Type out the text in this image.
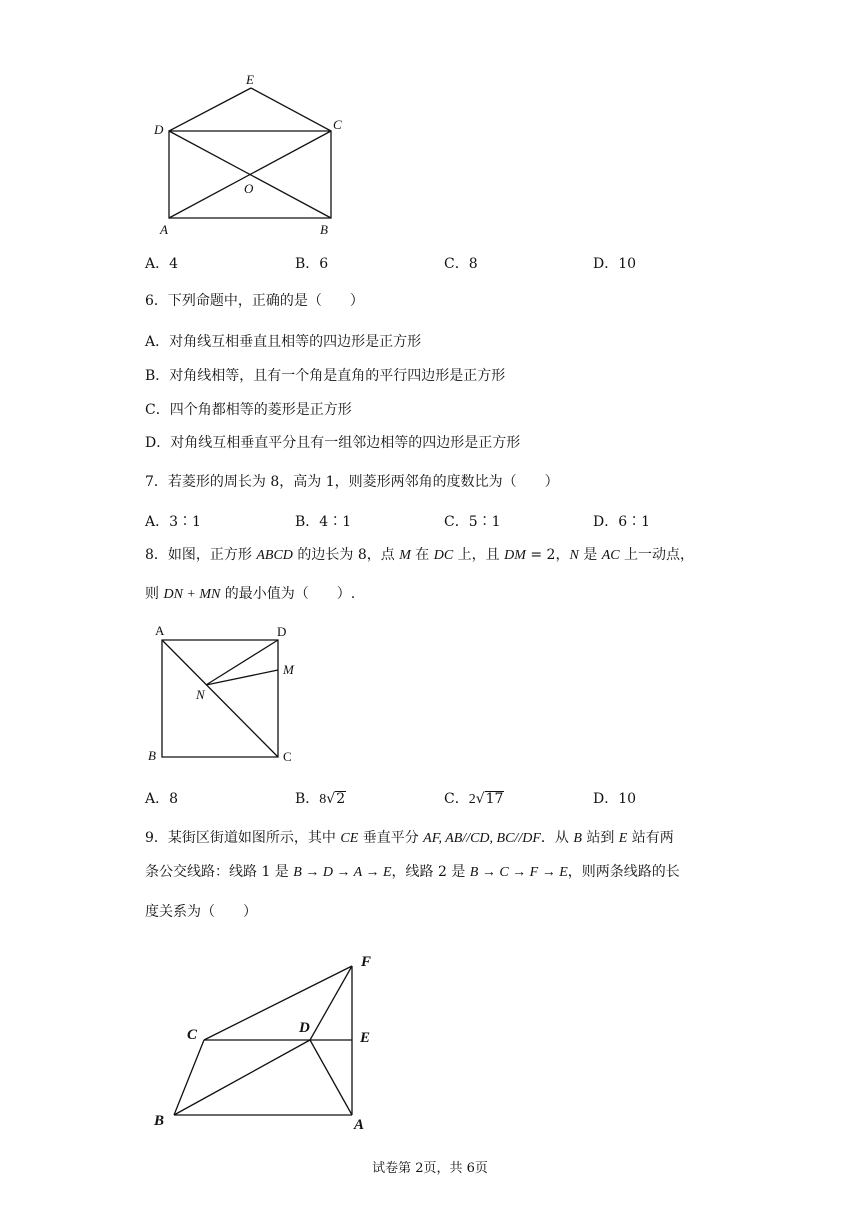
E
D	C
O
A	B
A．4	B．6	C．8	D．10
6．下列命题中，正确的是（　　）
A．对角线互相垂直且相等的四边形是正方形
B．对角线相等，且有一个角是直角的平行四边形是正方形
C．四个角都相等的菱形是正方形
D．对角线互相垂直平分且有一组邻边相等的四边形是正方形
7．若菱形的周长为 8，高为 1，则菱形两邻角的度数比为（　　）
A．3∶1	B．4∶1	C．5∶1	D．6∶1
8．如图，正方形 ABCD 的边长为 8，点 M 在 DC 上，且 DM = 2，N 是 AC 上一动点，
则 DN + MN 的最小值为（　　）.
A	D
M
N
B	C
A．8	B．8√2	C．2√17	D．10
9．某街区街道如图所示，其中 CE 垂直平分 AF, AB//CD, BC//DF．从 B 站到 E 站有两
条公交线路：线路 1 是 B → D → A → E，线路 2 是 B → C → F → E，则两条线路的长
度关系为（　　）
F
C	D
E
B	A
试卷第 2页，共 6页
